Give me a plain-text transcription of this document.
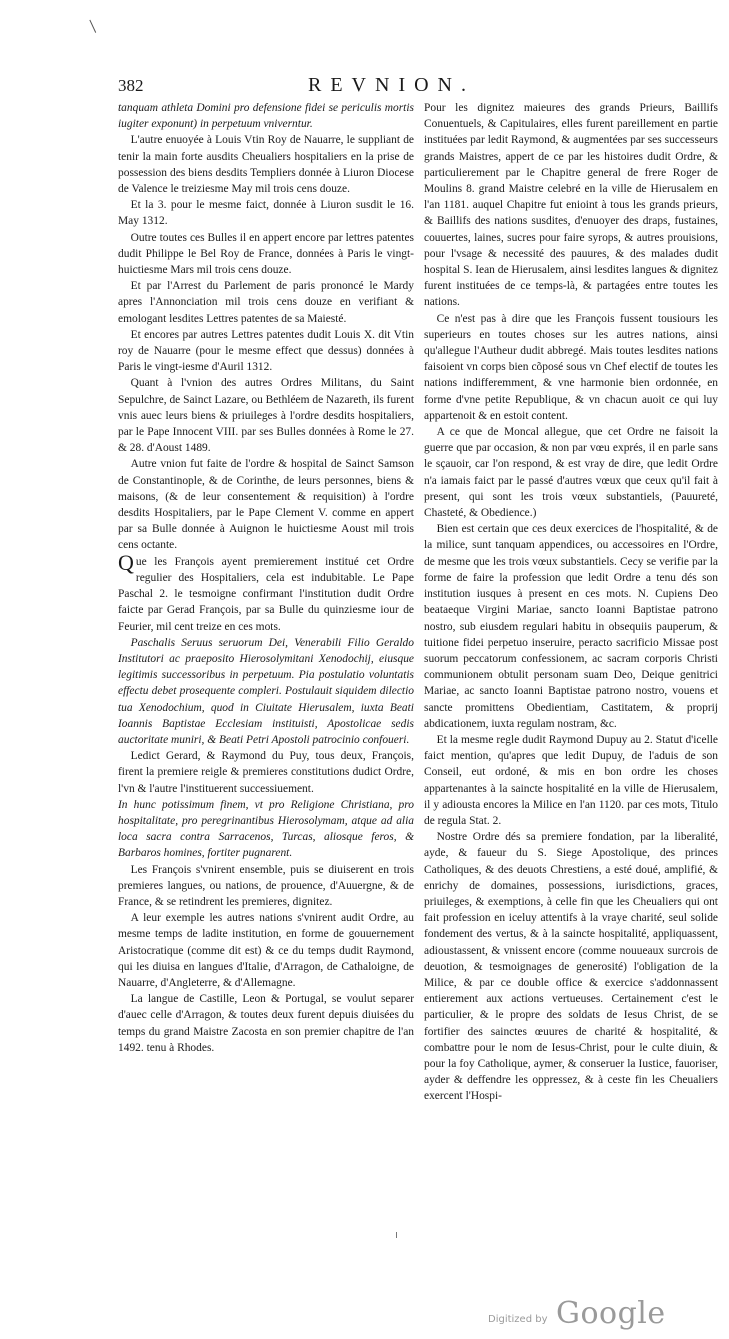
382	REVNION.

tanquam athleta Domini pro defensione fidei se periculis mortis iugiter exponunt) in perpetuum vniverntur.

L'autre enuoyée à Louis Vtin Roy de Nauarre, le suppliant de tenir la main forte ausdits Cheualiers hospitaliers en la prise de possession des biens desdits Templiers donnée à Liuron Diocese de Valence le treiziesme May mil trois cens douze.

Et la 3. pour le mesme faict, donnée à Liuron susdit le 16. May 1312.

Outre toutes ces Bulles il en appert encore par lettres patentes dudit Philippe le Bel Roy de France, données à Paris le vingt-huictiesme Mars mil trois cens douze.

Et par l'Arrest du Parlement de paris prononcé le Mardy apres l'Annonciation mil trois cens douze en verifiant & emologant lesdites Lettres patentes de sa Maiesté.

Et encores par autres Lettres patentes dudit Louis X. dit Vtin roy de Nauarre (pour le mesme effect que dessus) données à Paris le vingt-iesme d'Auril 1312.

Quant à l'vnion des autres Ordres Militans, du Saint Sepulchre, de Sainct Lazare, ou Bethléem de Nazareth, ils furent vnis auec leurs biens & priuileges à l'ordre desdits hospitaliers, par le Pape Innocent VIII. par ses Bulles données à Rome le 27. & 28. d'Aoust 1489.

Autre vnion fut faite de l'ordre & hospital de Sainct Samson de Constantinople, & de Corinthe, de leurs personnes, biens & maisons, (& de leur consentement & requisition) à l'ordre desdits Hospitaliers, par le Pape Clement V. comme en appert par sa Bulle donnée à Auignon le huictiesme Aoust mil trois cens octante.

Que les François ayent premierement institué cet Ordre regulier des Hospitaliers, cela est indubitable. Le Pape Paschal 2. le tesmoigne confirmant l'institution dudit Ordre faicte par Gerad François, par sa Bulle du quinziesme iour de Feurier, mil cent treize en ces mots.

Paschalis Seruus seruorum Dei, Venerabili Filio Geraldo Institutori ac praeposito Hierosolymitani Xenodochij, eiusque legitimis successoribus in perpetuum. Pia postulatio voluntatis effectu debet prosequente compleri. Postulauit siquidem dilectio tua Xenodochium, quod in Ciuitate Hierusalem, iuxta Beati Ioannis Baptistae Ecclesiam instituisti, Apostolicae sedis auctoritate muniri, & Beati Petri Apostoli patrocinio confoueri.

Ledict Gerard, & Raymond du Puy, tous deux, François, firent la premiere reigle & premieres constitutions dudict Ordre, l'vn & l'autre l'instituerent successiuement.

In hunc potissimum finem, vt pro Religione Christiana, pro hospitalitate, pro peregrinantibus Hierosolymam, atque ad alia loca sacra contra Sarracenos, Turcas, aliosque feros, & Barbaros homines, fortiter pugnarent.

Les François s'vnirent ensemble, puis se diuiserent en trois premieres langues, ou nations, de prouence, d'Auuergne, & de France, & se retindrent les premieres, dignitez.

A leur exemple les autres nations s'vnirent audit Ordre, au mesme temps de ladite institution, en forme de gouuernement Aristocratique (comme dit est) & ce du temps dudit Raymond, qui les diuisa en langues d'Italie, d'Arragon, de Cathaloigne, de Nauarre, d'Angleterre, & d'Allemagne.

La langue de Castille, Leon & Portugal, se voulut separer d'auec celle d'Arragon, & toutes deux furent depuis diuisées du temps du grand Maistre Zacosta en son premier chapitre de l'an 1492. tenu à Rhodes.

Pour les dignitez maieures des grands Prieurs, Baillifs Conuentuels, & Capitulaires, elles furent pareillement en partie instituées par ledit Raymond, & augmentées par ses successeurs grands Maistres, appert de ce par les histoires dudit Ordre, & particulierement par le Chapitre general de frere Roger de Moulins 8. grand Maistre celebré en la ville de Hierusalem en l'an 1181. auquel Chapitre fut enioint à tous les grands prieurs, & Baillifs des nations susdites, d'enuoyer des draps, fustaines, couuertes, laines, sucres pour faire syrops, & autres prouisions, pour l'vsage & necessité des pauures, & des malades dudit hospital S. Iean de Hierusalem, ainsi lesdites langues & dignitez furent instituées de ce temps-là, & partagées entre toutes les nations.

Ce n'est pas à dire que les François fussent tousiours les superieurs en toutes choses sur les autres nations, ainsi qu'allegue l'Autheur dudit abbregé. Mais toutes lesdites nations faisoient vn corps bien cõposé sous vn Chef electif de toutes les nations indifferemment, & vne harmonie bien ordonnée, en forme d'vne petite Republique, & vn chacun auoit ce qui luy appartenoit & en estoit content.

A ce que de Moncal allegue, que cet Ordre ne faisoit la guerre que par occasion, & non par vœu exprés, il en parle sans le sçauoir, car l'on respond, & est vray de dire, que ledit Ordre n'a iamais faict par le passé d'autres vœux que ceux qu'il fait à present, qui sont les trois vœux substantiels, (Pauureté, Chasteté, & Obedience.)

Bien est certain que ces deux exercices de l'hospitalité, & de la milice, sunt tanquam appendices, ou accessoires en l'Ordre, de mesme que les trois vœux substantiels. Cecy se verifie par la forme de faire la profession que ledit Ordre a tenu dés son institution iusques à present en ces mots. N. Cupiens Deo beataeque Virgini Mariae, sancto Ioanni Baptistae patrono nostro, sub eiusdem regulari habitu in obsequiis pauperum, & tuitione fidei perpetuo inseruire, peracto sacrificio Missae post suorum peccatorum confessionem, ac sacram corporis Christi communionem obtulit personam suam Deo, Deique genitrici Mariae, ac sancto Ioanni Baptistae patrono nostro, vouens et sancte promittens Obedientiam, Castitatem, & proprij abdicationem, iuxta regulam nostram, &c.

Et la mesme regle dudit Raymond Dupuy au 2. Statut d'icelle faict mention, qu'apres que ledit Dupuy, de l'aduis de son Conseil, eut ordoné, & mis en bon ordre les choses appartenantes à la saincte hospitalité en la ville de Hierusalem, il y adiousta encores la Milice en l'an 1120. par ces mots, Titulo de regula Stat. 2.

Nostre Ordre dés sa premiere fondation, par la liberalité, ayde, & faueur du S. Siege Apostolique, des princes Catholiques, & des deuots Chrestiens, a esté doué, amplifié, & enrichy de domaines, possessions, iurisdictions, graces, priuileges, & exemptions, à celle fin que les Cheualiers qui ont fait profession en iceluy attentifs à la vraye charité, seul solide fondement des vertus, & à la saincte hospitalité, appliquassent, adioustassent, & vnissent encore (comme nouueaux surcrois de deuotion, & tesmoignages de generosité) l'obligation de la Milice, & par ce double office & exercice s'addonnassent entierement aux actions vertueuses. Certainement c'est le particulier, & le propre des soldats de Iesus Christ, de se fortifier des sainctes œuures de charité & hospitalité, & combattre pour le nom de Iesus-Christ, pour le culte diuin, & pour la foy Catholique, aymer, & conseruer la Iustice, fauoriser, ayder & deffendre les oppressez, & à ceste fin les Cheualiers exercent l'Hospi-

Digitized by Google
